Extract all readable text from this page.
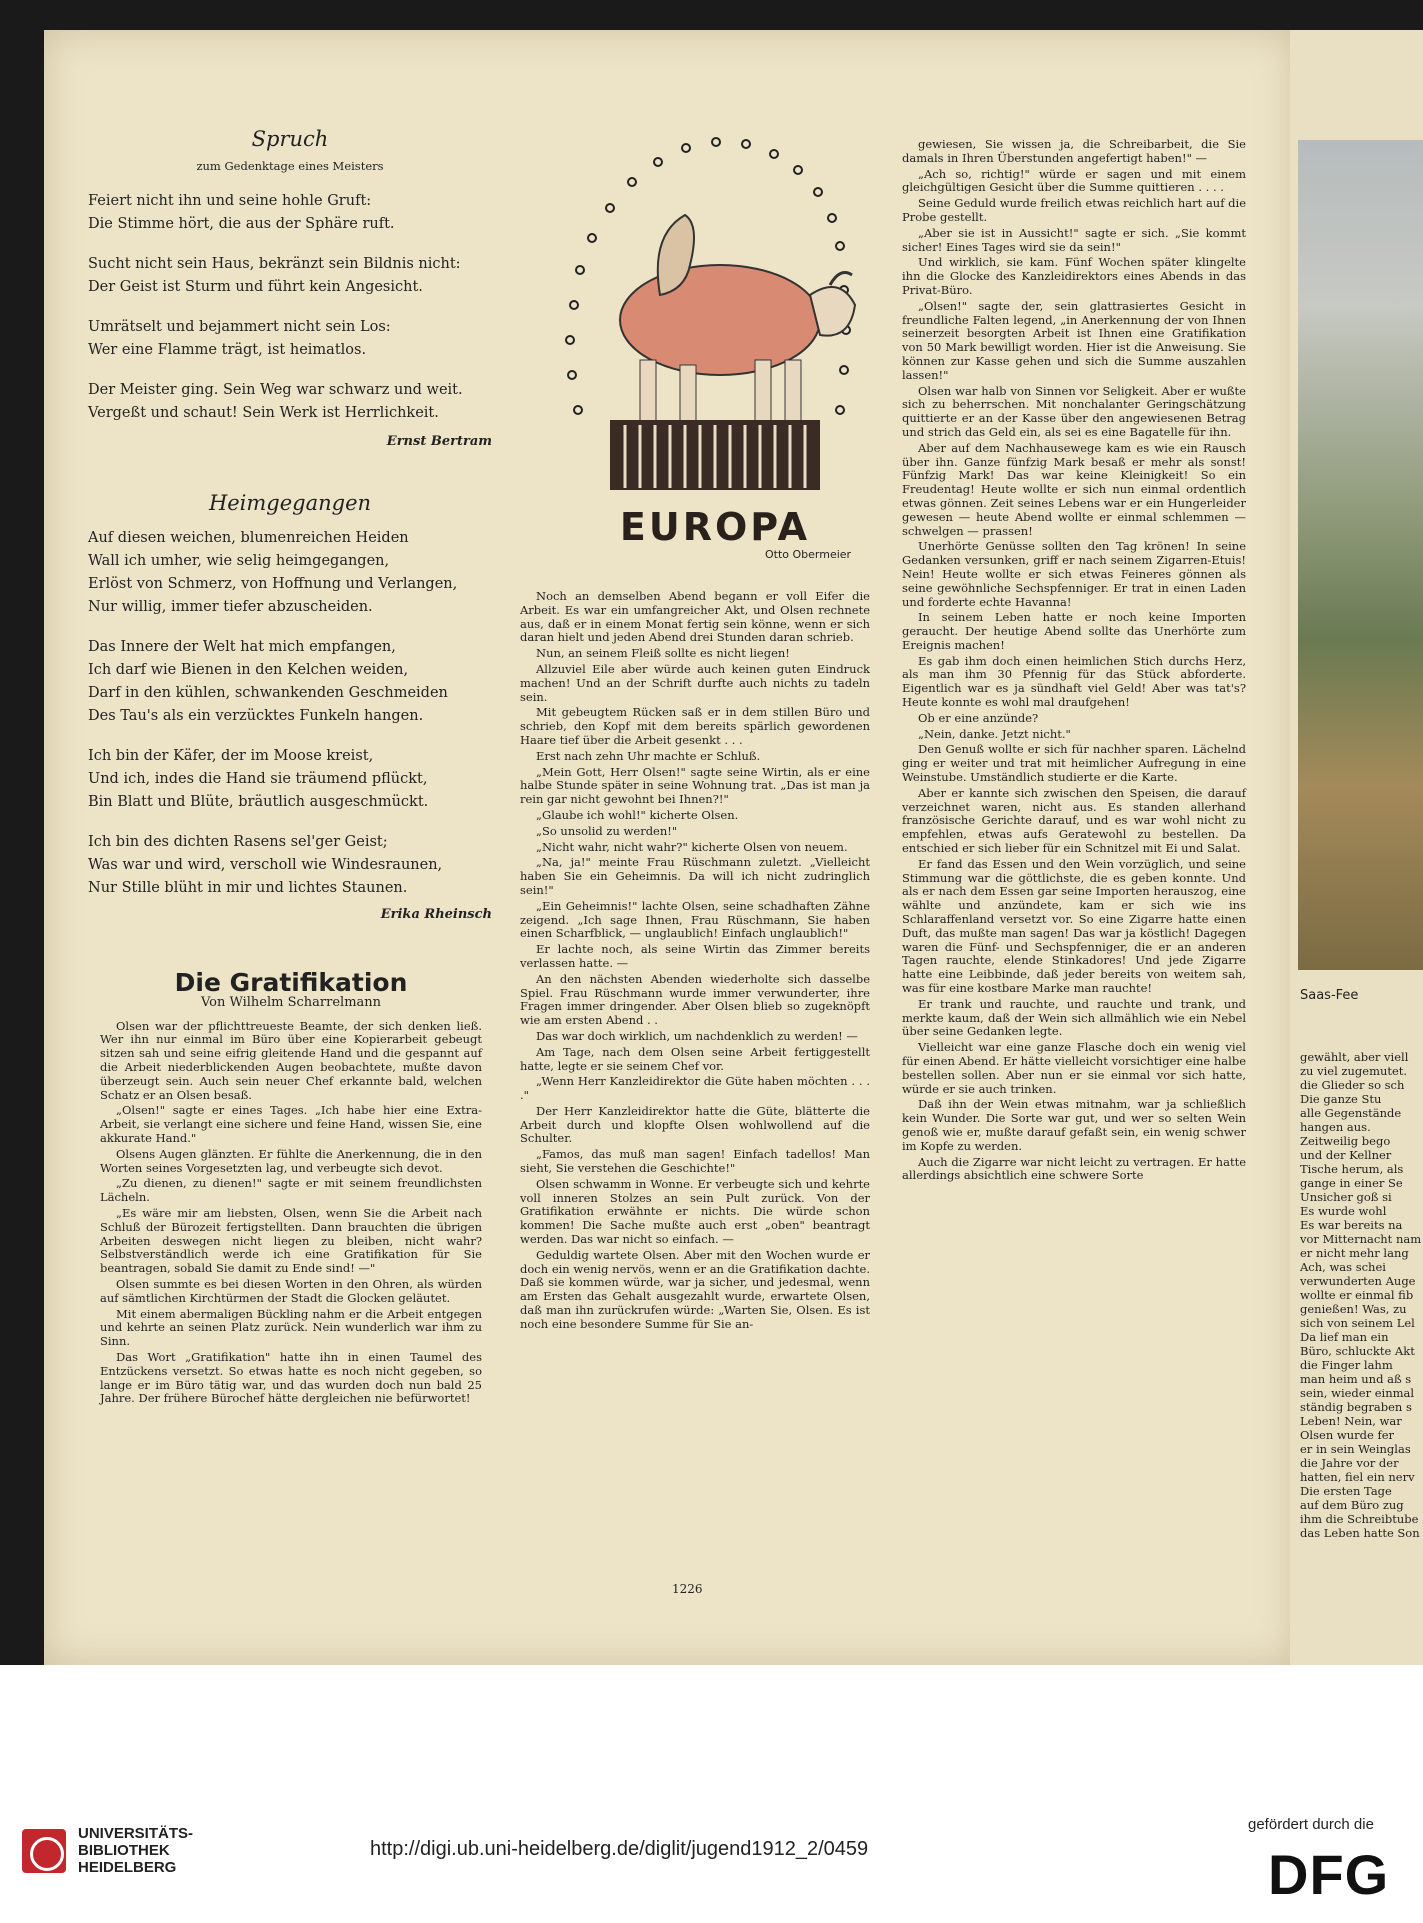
Spruch
zum Gedenktage eines Meisters
Feiert nicht ihn und seine hohle Gruft:
Die Stimme hört, die aus der Sphäre ruft.
Sucht nicht sein Haus, bekränzt sein Bildnis nicht:
Der Geist ist Sturm und führt kein Angesicht.
Umrätselt und bejammert nicht sein Los:
Wer eine Flamme trägt, ist heimatlos.
Der Meister ging. Sein Weg war schwarz und weit.
Vergeßt und schaut! Sein Werk ist Herrlichkeit.
Ernst Bertram
Heimgegangen
Auf diesen weichen, blumenreichen Heiden
Wall ich umher, wie selig heimgegangen,
Erlöst von Schmerz, von Hoffnung und Verlangen,
Nur willig, immer tiefer abzuscheiden.
Das Innere der Welt hat mich empfangen,
Ich darf wie Bienen in den Kelchen weiden,
Darf in den kühlen, schwankenden Geschmeiden
Des Tau's als ein verzücktes Funkeln hangen.
Ich bin der Käfer, der im Moose kreist,
Und ich, indes die Hand sie träumend pflückt,
Bin Blatt und Blüte, bräutlich ausgeschmückt.
Ich bin des dichten Rasens sel'ger Geist;
Was war und wird, verscholl wie Windesraunen,
Nur Stille blüht in mir und lichtes Staunen.
Erika Rheinsch
Die Gratifikation
Von Wilhelm Scharrelmann

Olsen war der pflichttreueste Beamte, der sich denken ließ. Wer ihn nur einmal im Büro über eine Kopierarbeit gebeugt sitzen sah und seine eifrig gleitende Hand und die gespannt auf die Arbeit niederblickenden Augen beobachtete, mußte davon überzeugt sein. Auch sein neuer Chef erkannte bald, welchen Schatz er an Olsen besaß.

„Olsen!" sagte er eines Tages. „Ich habe hier eine Extra-Arbeit, sie verlangt eine sichere und feine Hand, wissen Sie, eine akkurate Hand."

Olsens Augen glänzten. Er fühlte die Anerkennung, die in den Worten seines Vorgesetzten lag, und verbeugte sich devot.

„Zu dienen, zu dienen!" sagte er mit seinem freundlichsten Lächeln.

„Es wäre mir am liebsten, Olsen, wenn Sie die Arbeit nach Schluß der Bürozeit fertigstellten. Dann brauchten die übrigen Arbeiten deswegen nicht liegen zu bleiben, nicht wahr? Selbstverständlich werde ich eine Gratifikation für Sie beantragen, sobald Sie damit zu Ende sind! —"

Olsen summte es bei diesen Worten in den Ohren, als würden auf sämtlichen Kirchtürmen der Stadt die Glocken geläutet.

Mit einem abermaligen Bückling nahm er die Arbeit entgegen und kehrte an seinen Platz zurück. Nein wunderlich war ihm zu Sinn.

Das Wort „Gratifikation" hatte ihn in einen Taumel des Entzückens versetzt. So etwas hatte es noch nicht gegeben, so lange er im Büro tätig war, und das wurden doch nun bald 25 Jahre. Der frühere Bürochef hätte dergleichen nie befürwortet!

EUROPA
Otto Obermeier

Noch an demselben Abend begann er voll Eifer die Arbeit. Es war ein umfangreicher Akt, und Olsen rechnete aus, daß er in einem Monat fertig sein könne, wenn er sich daran hielt und jeden Abend drei Stunden daran schrieb.

Nun, an seinem Fleiß sollte es nicht liegen!

Allzuviel Eile aber würde auch keinen guten Eindruck machen! Und an der Schrift durfte auch nichts zu tadeln sein.

Mit gebeugtem Rücken saß er in dem stillen Büro und schrieb, den Kopf mit dem bereits spärlich gewordenen Haare tief über die Arbeit gesenkt . . .

Erst nach zehn Uhr machte er Schluß.

„Mein Gott, Herr Olsen!" sagte seine Wirtin, als er eine halbe Stunde später in seine Wohnung trat. „Das ist man ja rein gar nicht gewohnt bei Ihnen?!"

„Glaube ich wohl!" kicherte Olsen.

„So unsolid zu werden!"

„Nicht wahr, nicht wahr?" kicherte Olsen von neuem.

„Na, ja!" meinte Frau Rüschmann zuletzt. „Vielleicht haben Sie ein Geheimnis. Da will ich nicht zudringlich sein!"

„Ein Geheimnis!" lachte Olsen, seine schadhaften Zähne zeigend. „Ich sage Ihnen, Frau Rüschmann, Sie haben einen Scharfblick, — unglaublich! Einfach unglaublich!"

Er lachte noch, als seine Wirtin das Zimmer bereits verlassen hatte. —

An den nächsten Abenden wiederholte sich dasselbe Spiel. Frau Rüschmann wurde immer verwunderter, ihre Fragen immer dringender. Aber Olsen blieb so zugeknöpft wie am ersten Abend . .

Das war doch wirklich, um nachdenklich zu werden! —

Am Tage, nach dem Olsen seine Arbeit fertiggestellt hatte, legte er sie seinem Chef vor.

„Wenn Herr Kanzleidirektor die Güte haben möchten . . . ."

Der Herr Kanzleidirektor hatte die Güte, blätterte die Arbeit durch und klopfte Olsen wohlwollend auf die Schulter.

„Famos, das muß man sagen! Einfach tadellos! Man sieht, Sie verstehen die Geschichte!"

Olsen schwamm in Wonne. Er verbeugte sich und kehrte voll inneren Stolzes an sein Pult zurück. Von der Gratifikation erwähnte er nichts. Die würde schon kommen! Die Sache mußte auch erst „oben" beantragt werden. Das war nicht so einfach. —

Geduldig wartete Olsen. Aber mit den Wochen wurde er doch ein wenig nervös, wenn er an die Gratifikation dachte. Daß sie kommen würde, war ja sicher, und jedesmal, wenn am Ersten das Gehalt ausgezahlt wurde, erwartete Olsen, daß man ihn zurückrufen würde: „Warten Sie, Olsen. Es ist noch eine besondere Summe für Sie an-

gewiesen, Sie wissen ja, die Schreibarbeit, die Sie damals in Ihren Überstunden angefertigt haben!" —

„Ach so, richtig!" würde er sagen und mit einem gleichgültigen Gesicht über die Summe quittieren . . . .

Seine Geduld wurde freilich etwas reichlich hart auf die Probe gestellt.

„Aber sie ist in Aussicht!" sagte er sich. „Sie kommt sicher! Eines Tages wird sie da sein!"

Und wirklich, sie kam. Fünf Wochen später klingelte ihn die Glocke des Kanzleidirektors eines Abends in das Privat-Büro.

„Olsen!" sagte der, sein glattrasiertes Gesicht in freundliche Falten legend, „in Anerkennung der von Ihnen seinerzeit besorgten Arbeit ist Ihnen eine Gratifikation von 50 Mark bewilligt worden. Hier ist die Anweisung. Sie können zur Kasse gehen und sich die Summe auszahlen lassen!"

Olsen war halb von Sinnen vor Seligkeit. Aber er wußte sich zu beherrschen. Mit nonchalanter Geringschätzung quittierte er an der Kasse über den angewiesenen Betrag und strich das Geld ein, als sei es eine Bagatelle für ihn.

Aber auf dem Nachhausewege kam es wie ein Rausch über ihn. Ganze fünfzig Mark besaß er mehr als sonst! Fünfzig Mark! Das war keine Kleinigkeit! So ein Freudentag! Heute wollte er sich nun einmal ordentlich etwas gönnen. Zeit seines Lebens war er ein Hungerleider gewesen — heute Abend wollte er einmal schlemmen — schwelgen — prassen!

Unerhörte Genüsse sollten den Tag krönen! In seine Gedanken versunken, griff er nach seinem Zigarren-Etuis! Nein! Heute wollte er sich etwas Feineres gönnen als seine gewöhnliche Sechspfenniger. Er trat in einen Laden und forderte echte Havanna!

In seinem Leben hatte er noch keine Importen geraucht. Der heutige Abend sollte das Unerhörte zum Ereignis machen!

Es gab ihm doch einen heimlichen Stich durchs Herz, als man ihm 30 Pfennig für das Stück abforderte. Eigentlich war es ja sündhaft viel Geld! Aber was tat's? Heute konnte es wohl mal draufgehen!

Ob er eine anzünde?

„Nein, danke. Jetzt nicht."

Den Genuß wollte er sich für nachher sparen. Lächelnd ging er weiter und trat mit heimlicher Aufregung in eine Weinstube. Umständlich studierte er die Karte.

Aber er kannte sich zwischen den Speisen, die darauf verzeichnet waren, nicht aus. Es standen allerhand französische Gerichte darauf, und es war wohl nicht zu empfehlen, etwas aufs Geratewohl zu bestellen. Da entschied er sich lieber für ein Schnitzel mit Ei und Salat.

Er fand das Essen und den Wein vorzüglich, und seine Stimmung war die göttlichste, die es geben konnte. Und als er nach dem Essen gar seine Importen herauszog, eine wählte und anzündete, kam er sich wie ins Schlaraffenland versetzt vor. So eine Zigarre hatte einen Duft, das mußte man sagen! Das war ja köstlich! Dagegen waren die Fünf- und Sechspfenniger, die er an anderen Tagen rauchte, elende Stinkadores! Und jede Zigarre hatte eine Leibbinde, daß jeder bereits von weitem sah, was für eine kostbare Marke man rauchte!

Er trank und rauchte, und rauchte und trank, und merkte kaum, daß der Wein sich allmählich wie ein Nebel über seine Gedanken legte.

Vielleicht war eine ganze Flasche doch ein wenig viel für einen Abend. Er hätte vielleicht vorsichtiger eine halbe bestellen sollen. Aber nun er sie einmal vor sich hatte, würde er sie auch trinken.

Daß ihn der Wein etwas mitnahm, war ja schließlich kein Wunder. Die Sorte war gut, und wer so selten Wein genoß wie er, mußte darauf gefaßt sein, ein wenig schwer im Kopfe zu werden.

Auch die Zigarre war nicht leicht zu vertragen. Er hatte allerdings absichtlich eine schwere Sorte

1226
Saas-Fee
gewählt, aber viell
zu viel zugemutet.
die Glieder so sch
Die ganze Stu
alle Gegenstände
hangen aus.
Zeitweilig bego
und der Kellner
Tische herum, als
gange in einer Se
Unsicher goß si
Es wurde wohl
Es war bereits na
vor Mitternacht nam
er nicht mehr lang
Ach, was schei
verwunderten Auge
wollte er einmal fib
genießen! Was, zu
sich von seinem Lel
Da lief man ein
Büro, schluckte Akt
die Finger lahm
man heim und aß s
sein, wieder einmal
ständig begraben s
Leben! Nein, war
Olsen wurde fer
er in sein Weinglas
die Jahre vor der
hatten, fiel ein nerv
Die ersten Tage
auf dem Büro zug
ihm die Schreibtube
das Leben hatte Son
UNIVERSITÄTS-
BIBLIOTHEK
HEIDELBERG
http://digi.ub.uni-heidelberg.de/diglit/jugend1912_2/0459
gefördert durch die
DFG
